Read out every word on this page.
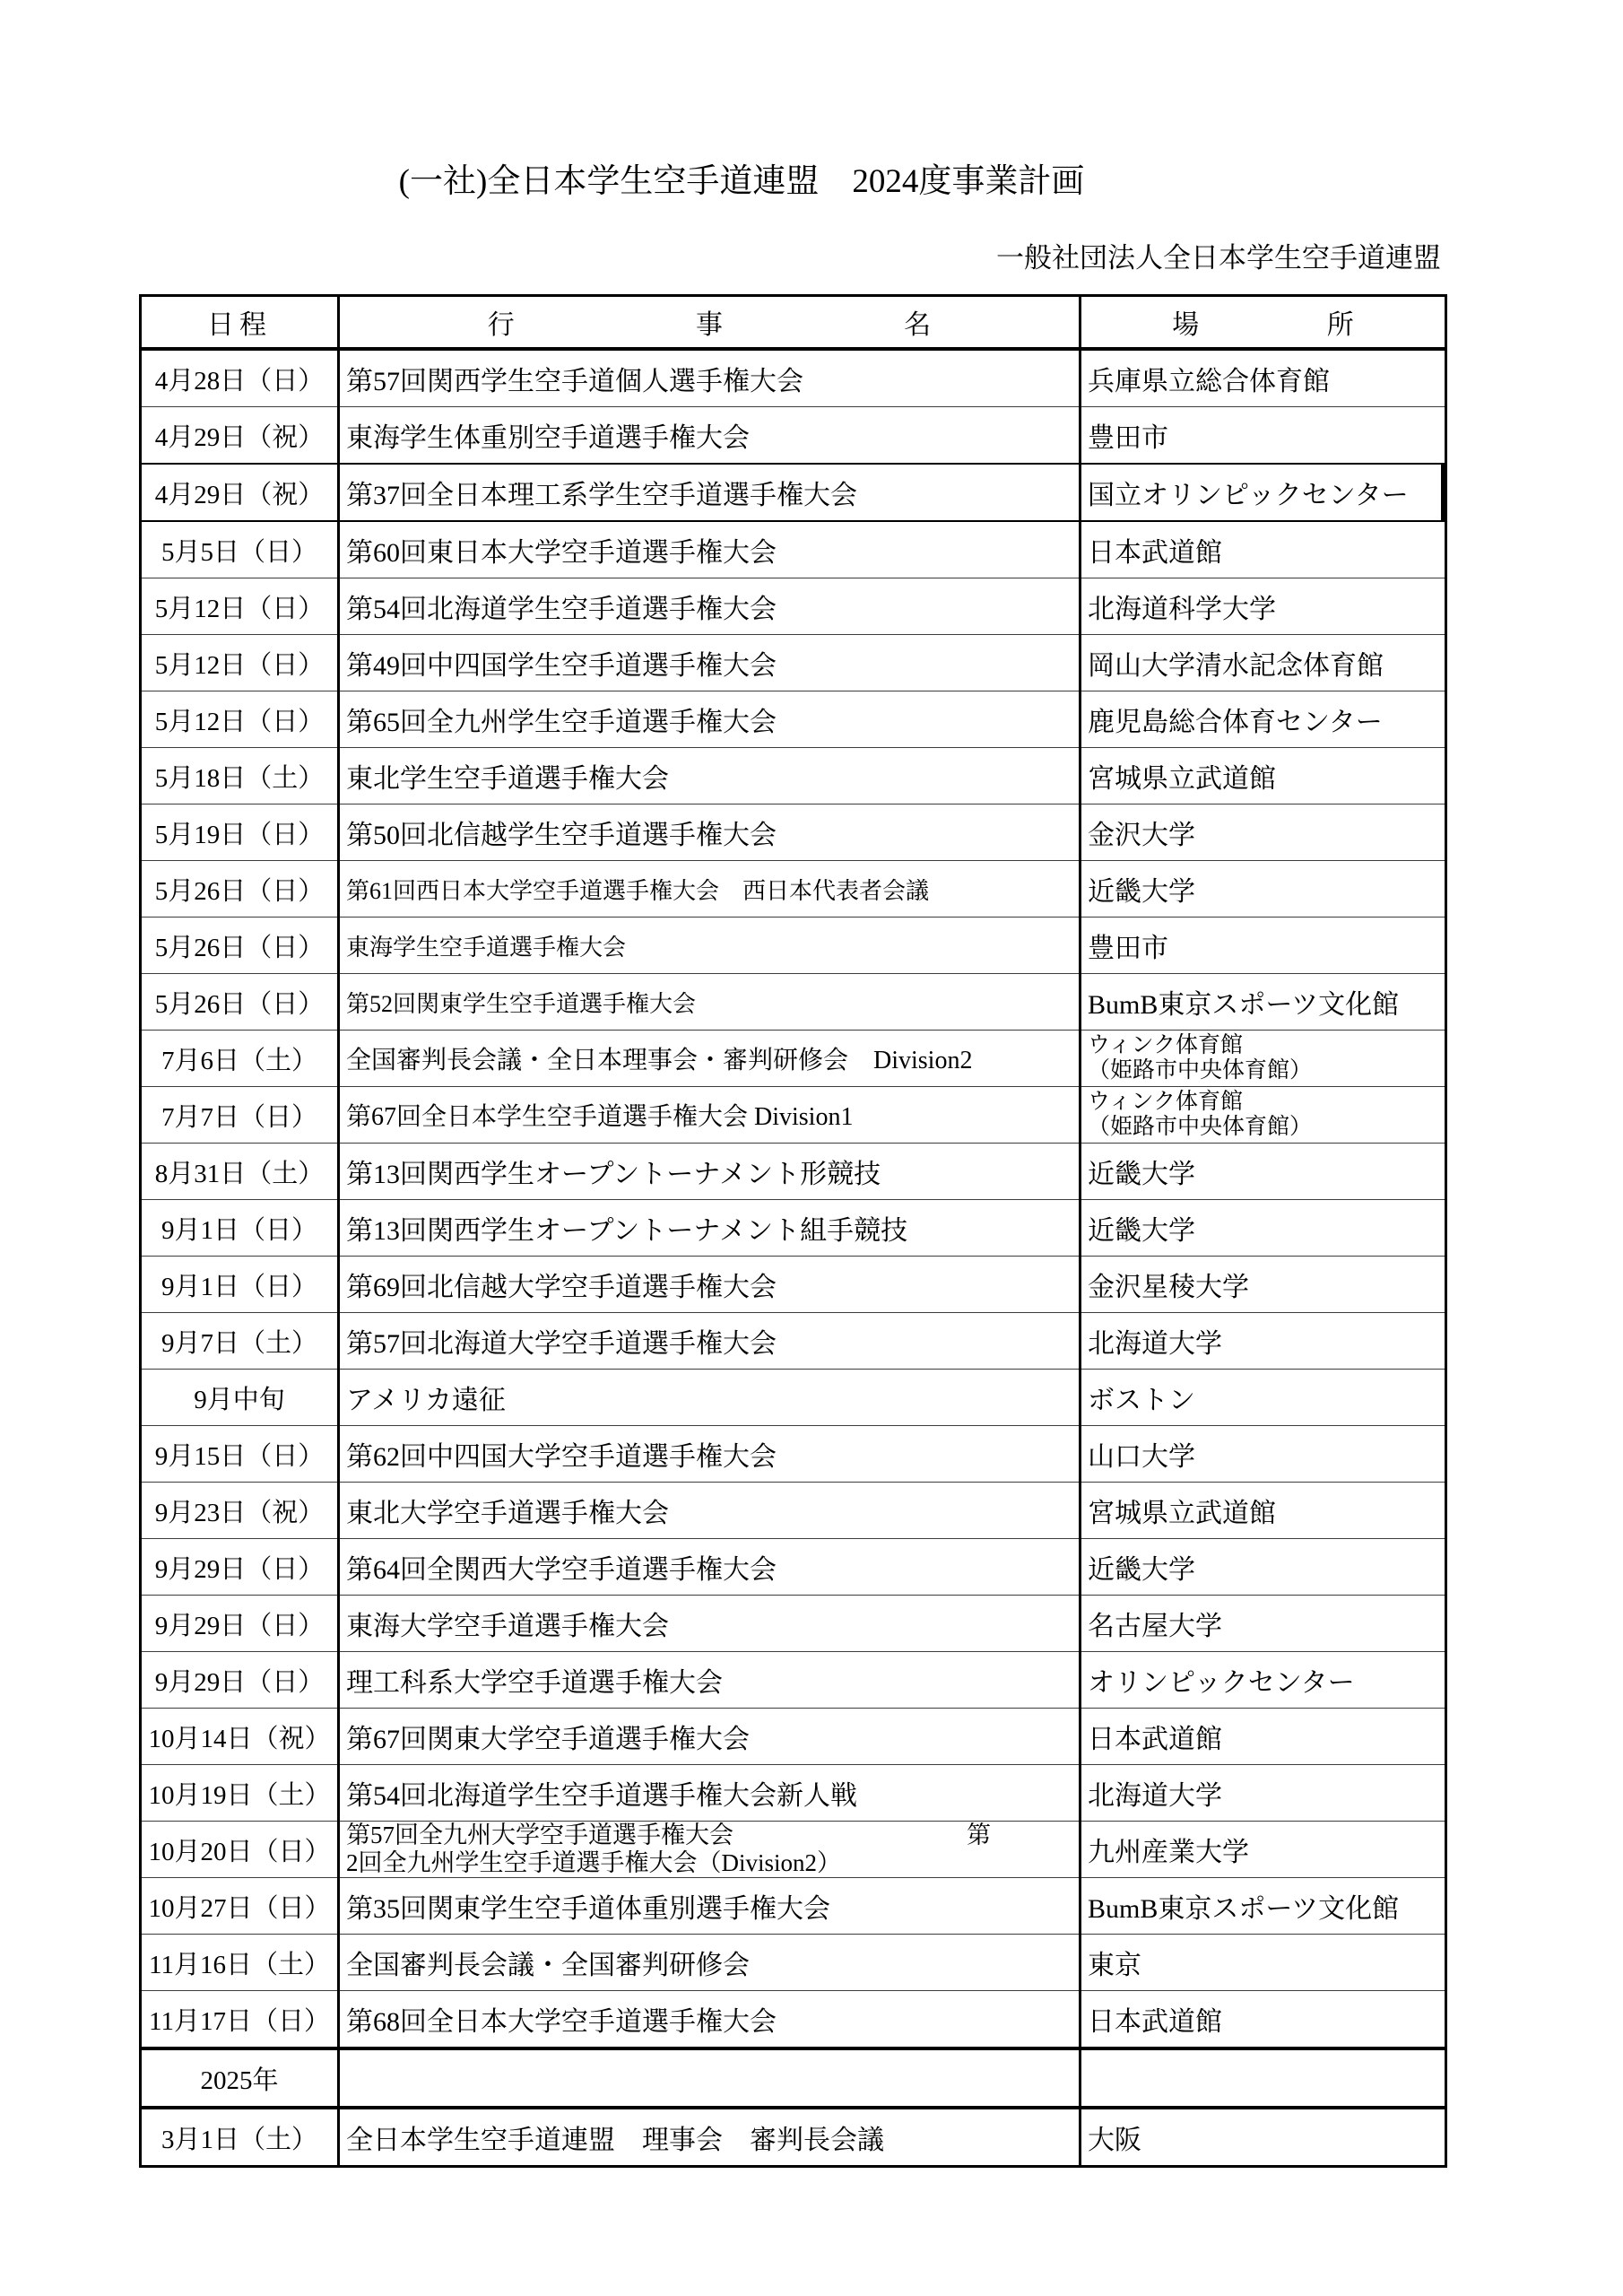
(一社)全日本学生空手道連盟　2024度事業計画
一般社団法人全日本学生空手道連盟
日程	行事名	場所
4月28日（日）	第57回関西学生空手道個人選手権大会	兵庫県立総合体育館
4月29日（祝）	東海学生体重別空手道選手権大会	豊田市
4月29日（祝）	第37回全日本理工系学生空手道選手権大会	国立オリンピックセンター
5月5日（日）	第60回東日本大学空手道選手権大会	日本武道館
5月12日（日）	第54回北海道学生空手道選手権大会	北海道科学大学
5月12日（日）	第49回中四国学生空手道選手権大会	岡山大学清水記念体育館
5月12日（日）	第65回全九州学生空手道選手権大会	鹿児島総合体育センター
5月18日（土）	東北学生空手道選手権大会	宮城県立武道館
5月19日（日）	第50回北信越学生空手道選手権大会	金沢大学
5月26日（日）	第61回西日本大学空手道選手権大会　西日本代表者会議	近畿大学
5月26日（日）	東海学生空手道選手権大会	豊田市
5月26日（日）	第52回関東学生空手道選手権大会	BumB東京スポーツ文化館
7月6日（土）	全国審判長会議・全日本理事会・審判研修会　Division2	ウィンク体育館
（姫路市中央体育館）

7月7日（日）	第67回全日本学生空手道選手権大会 Division1	ウィンク体育館
（姫路市中央体育館）

8月31日（土）	第13回関西学生オープントーナメント形競技	近畿大学
9月1日（日）	第13回関西学生オープントーナメント組手競技	近畿大学
9月1日（日）	第69回北信越大学空手道選手権大会	金沢星稜大学
9月7日（土）	第57回北海道大学空手道選手権大会	北海道大学
9月中旬	アメリカ遠征	ボストン
9月15日（日）	第62回中四国大学空手道選手権大会	山口大学
9月23日（祝）	東北大学空手道選手権大会	宮城県立武道館
9月29日（日）	第64回全関西大学空手道選手権大会	近畿大学
9月29日（日）	東海大学空手道選手権大会	名古屋大学
9月29日（日）	理工科系大学空手道選手権大会	オリンピックセンター
10月14日（祝）	第67回関東大学空手道選手権大会	日本武道館
10月19日（土）	第54回北海道学生空手道選手権大会新人戦	北海道大学
10月20日（日）	第57回全九州大学空手道選手権大会 第
2回全九州学生空手道選手権大会（Division2）	九州産業大学
10月27日（日）	第35回関東学生空手道体重別選手権大会	BumB東京スポーツ文化館
11月16日（土）	全国審判長会議・全国審判研修会	東京
11月17日（日）	第68回全日本大学空手道選手権大会	日本武道館
2025年		
3月1日（土）	全日本学生空手道連盟　理事会　審判長会議	大阪
